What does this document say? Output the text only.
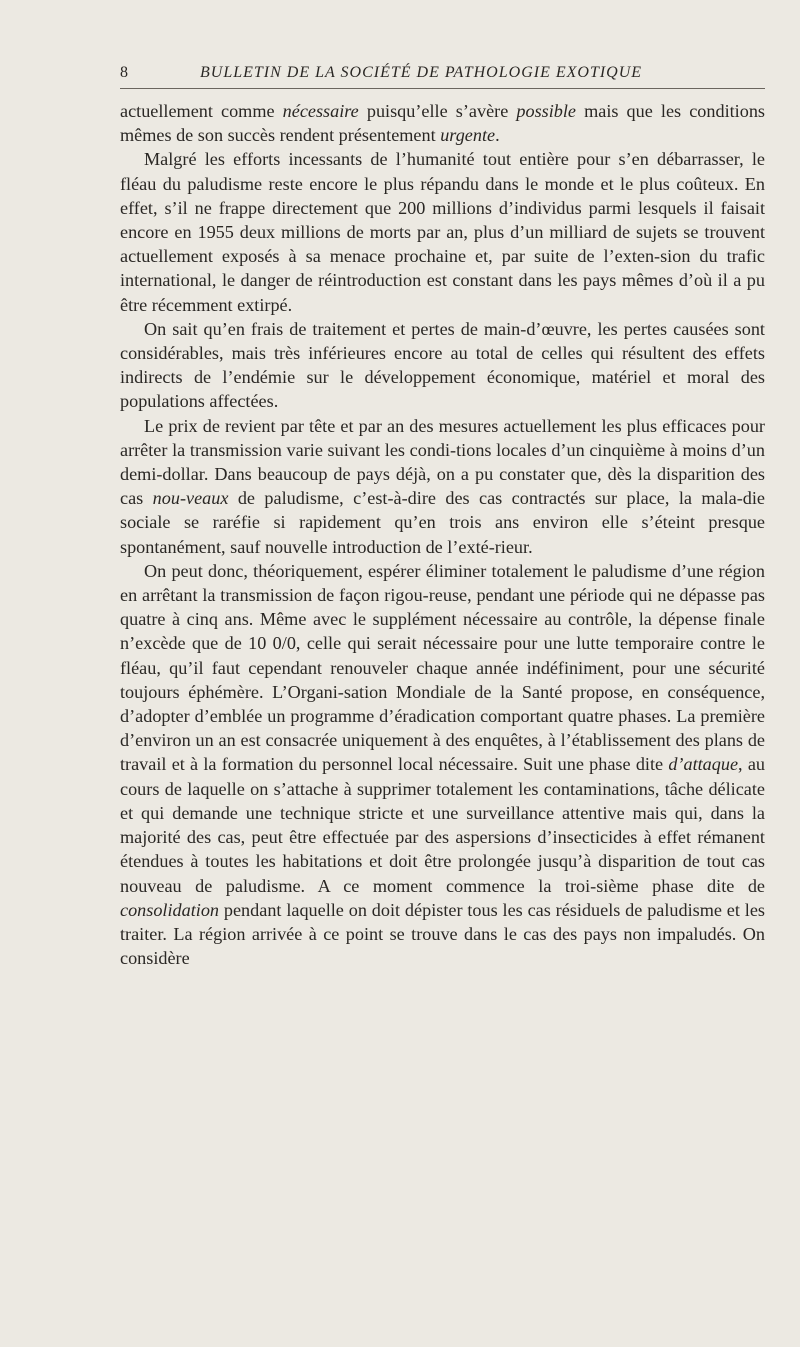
8	BULLETIN DE LA SOCIÉTÉ DE PATHOLOGIE EXOTIQUE

actuellement comme nécessaire puisqu’elle s’avère possible mais que les conditions mêmes de son succès rendent présentement urgente.

Malgré les efforts incessants de l’humanité tout entière pour s’en débarrasser, le fléau du paludisme reste encore le plus répandu dans le monde et le plus coûteux. En effet, s’il ne frappe directement que 200 millions d’individus parmi lesquels il faisait encore en 1955 deux millions de morts par an, plus d’un milliard de sujets se trouvent actuellement exposés à sa menace prochaine et, par suite de l’exten-sion du trafic international, le danger de réintroduction est constant dans les pays mêmes d’où il a pu être récemment extirpé.

On sait qu’en frais de traitement et pertes de main-d’œuvre, les pertes causées sont considérables, mais très inférieures encore au total de celles qui résultent des effets indirects de l’endémie sur le développement économique, matériel et moral des populations affectées.

Le prix de revient par tête et par an des mesures actuellement les plus efficaces pour arrêter la transmission varie suivant les condi-tions locales d’un cinquième à moins d’un demi-dollar. Dans beaucoup de pays déjà, on a pu constater que, dès la disparition des cas nou-veaux de paludisme, c’est-à-dire des cas contractés sur place, la mala-die sociale se raréfie si rapidement qu’en trois ans environ elle s’éteint presque spontanément, sauf nouvelle introduction de l’exté-rieur.

On peut donc, théoriquement, espérer éliminer totalement le paludisme d’une région en arrêtant la transmission de façon rigou-reuse, pendant une période qui ne dépasse pas quatre à cinq ans. Même avec le supplément nécessaire au contrôle, la dépense finale n’excède que de 10 0/0, celle qui serait nécessaire pour une lutte temporaire contre le fléau, qu’il faut cependant renouveler chaque année indéfiniment, pour une sécurité toujours éphémère. L’Organi-sation Mondiale de la Santé propose, en conséquence, d’adopter d’emblée un programme d’éradication comportant quatre phases. La première d’environ un an est consacrée uniquement à des enquêtes, à l’établissement des plans de travail et à la formation du personnel local nécessaire. Suit une phase dite d’attaque, au cours de laquelle on s’attache à supprimer totalement les contaminations, tâche délicate et qui demande une technique stricte et une surveillance attentive mais qui, dans la majorité des cas, peut être effectuée par des aspersions d’insecticides à effet rémanent étendues à toutes les habitations et doit être prolongée jusqu’à disparition de tout cas nouveau de paludisme. A ce moment commence la troi-sième phase dite de consolidation pendant laquelle on doit dépister tous les cas résiduels de paludisme et les traiter. La région arrivée à ce point se trouve dans le cas des pays non impaludés. On considère
